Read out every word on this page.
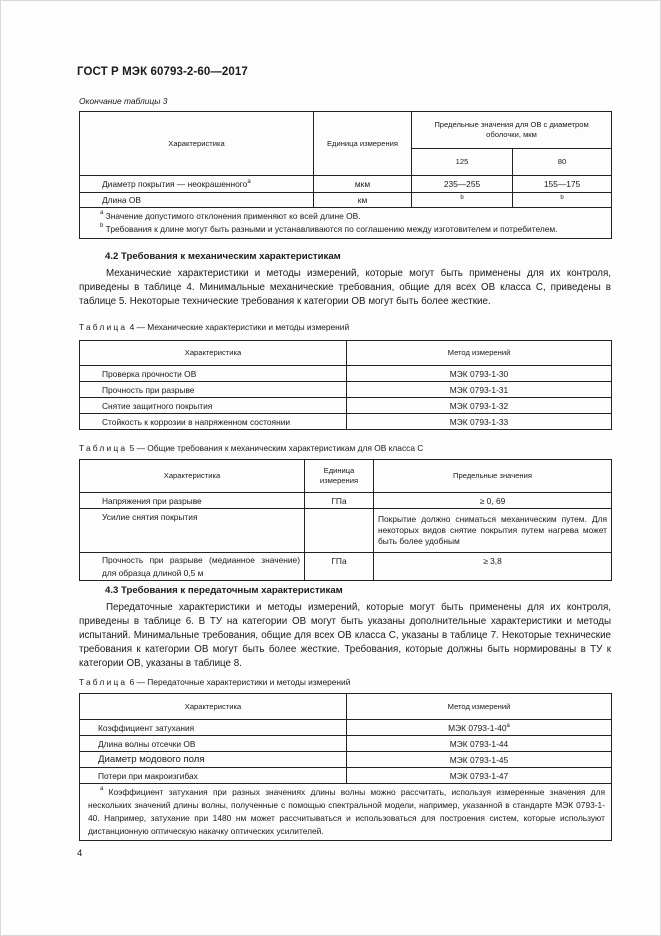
ГОСТ Р МЭК 60793-2-60—2017
Окончание таблицы 3
Характеристика	Единица измерения	Предельные значения для ОВ с диаметром оболочки, мкм	
		125	80
Диаметр покрытия — неокрашенного$^а$	мкм	235—255	155—175
Длина ОВ	км	$^b$	$^b$

$^а$ Значение допустимого отклонения применяют ко всей длине ОВ.
$^b$ Требования к длине могут быть разными и устанавливаются по соглашению между изготовителем и потребителем.			
4.2 Требования к механическим характеристикам
Механические характеристики и методы измерений, которые могут быть применены для их контроля, приведены в таблице 4. Минимальные механические требования, общие для всех ОВ класса С, приведены в таблице 5. Некоторые технические требования к категории ОВ могут быть более жесткие.
Таблица 4 — Механические характеристики и методы измерений
Характеристика	Метод измерений
Проверка прочности ОВ	МЭК 0793-1-30
Прочность при разрыве	МЭК 0793-1-31
Снятие защитного покрытия	МЭК 0793-1-32
Стойкость к коррозии в напряженном состоянии	МЭК 0793-1-33
Таблица 5 — Общие требования к механическим характеристикам для ОВ класса С
Характеристика	Единица измерения	Предельные значения
Напряжения при разрыве	ГПа	≥ 0, 69
Усилие снятия покрытия		Покрытие должно сниматься механическим путем. Для некоторых видов снятие покрытия путем нагрева может быть более удобным
Прочность при разрыве (медианное значение) для образца длиной 0,5 м	ГПа	≥ 3,8
4.3 Требования к передаточным характеристикам
Передаточные характеристики и методы измерений, которые могут быть применены для их контроля, приведены в таблице 6. В ТУ на категории ОВ могут быть указаны дополнительные характеристики и методы испытаний. Минимальные требования, общие для всех ОВ класса С, указаны в таблице 7. Некоторые технические требования к категории ОВ могут быть более жесткие. Требования, которые должны быть нормированы в ТУ к категории ОВ, указаны в таблице 8.
Таблица 6 — Передаточные характеристики и методы измерений
Характеристика	Метод измерений
Коэффициент затухания	МЭК $0793-1-40^а$
Длина волны отсечки ОВ	МЭК 0793-1-44
Диаметр модового поля	МЭК 0793-1-45
Потери при макроизгибах	МЭК 0793-1-47
$^а$ Коэффициент затухания при разных значениях длины волны можно рассчитать, используя измеренные значения для нескольких значений длины волны, полученные с помощью спектральной модели, например, указанной в стандарте МЭК 0793-1-40. Например, затухание при 1480 нм может рассчитываться и использоваться для построения систем, которые используют дистанционную оптическую накачку оптических усилителей.	
4
